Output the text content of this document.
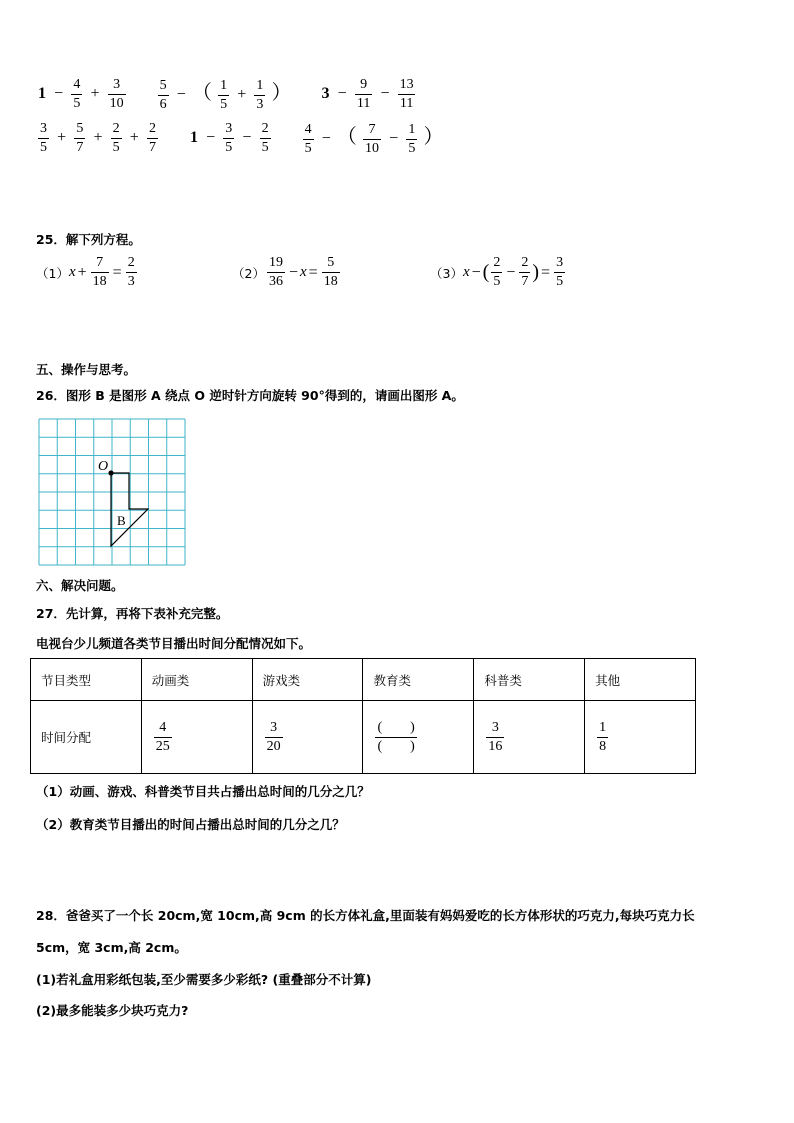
$1 - \frac{4}{5} + \frac{3}{10} \frac{5}{6}$ − （ $\frac{1}{5} + \frac{1}{3}$ ） $3 - \frac{9}{11} - \frac{13}{11}$
$\frac{3}{5} + \frac{5}{7} + \frac{2}{5} + \frac{2}{7} 1 - \frac{3}{5} - \frac{2}{5} \frac{4}{5}$ − （ $\frac{7}{10} - \frac{1}{5}$ ）
25．解下列方程。
（1） $x + \frac{7}{18} = \frac{2}{3}$	$(2) \frac{19}{36} - x = \frac{5}{18}$	（3） x − ( $\frac{2}{5} - \frac{2}{7}$ ) = $\frac{3}{5}$
五、操作与思考。
26．图形 B 是图形 A 绕点 O 逆时针方向旋转 90°得到的，请画出图形 A。
O
B
六、解决问题。
27．先计算，再将下表补充完整。
电视台少儿频道各类节目播出时间分配情况如下。
节目类型	动画类	游戏类	教育类	科普类	其他
时间分配	$\frac{4}{25}$	$\frac{3}{20}$	$\frac{( )}{( )}$	$\frac{3}{16}$	$\frac{1}{8}$
（1）动画、游戏、科普类节目共占播出总时间的几分之几？
（2）教育类节目播出的时间占播出总时间的几分之几？
28．爸爸买了一个长 20cm,宽 10cm,高 9cm 的长方体礼盒,里面装有妈妈爱吃的长方体形状的巧克力,每块巧克力长
5cm，宽 3cm,高 2cm。
(1)若礼盒用彩纸包装,至少需要多少彩纸? (重叠部分不计算)
(2)最多能装多少块巧克力?
